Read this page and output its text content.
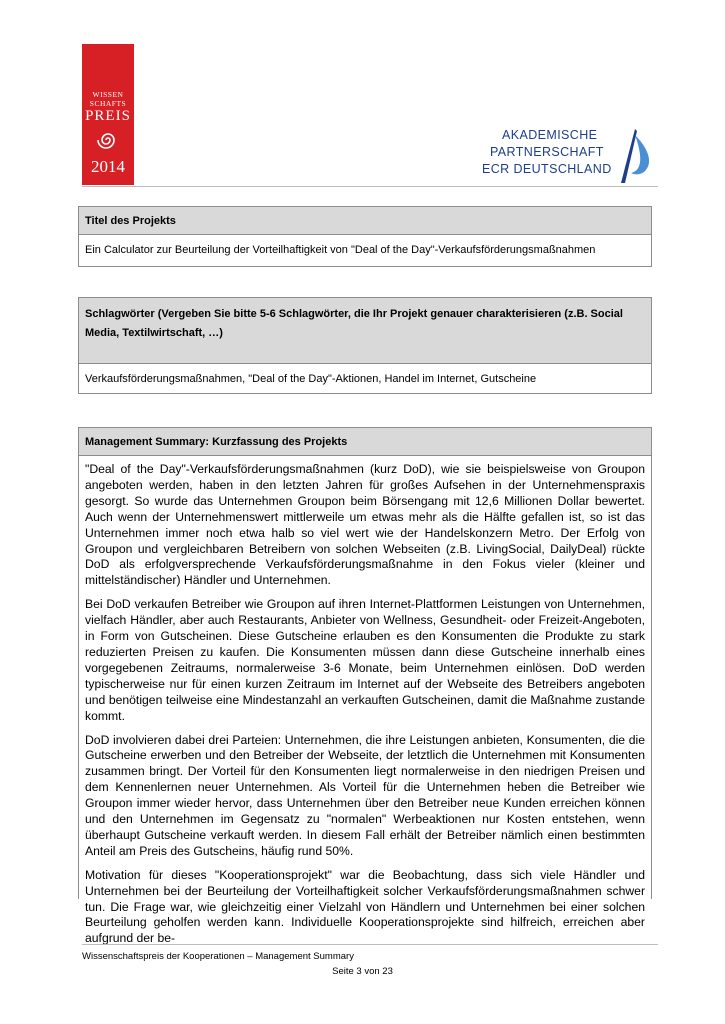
WISSEN
SCHAFTS
PREIS
2014
AKADEMISCHE
PARTNERSCHAFT
ECR DEUTSCHLAND
Titel des Projekts
Ein Calculator zur Beurteilung der Vorteilhaftigkeit von "Deal of the Day"-Verkaufsförderungsmaßnahmen
Schlagwörter (Vergeben Sie bitte 5-6 Schlagwörter, die Ihr Projekt genauer charakterisieren (z.B. Social
Media, Textilwirtschaft, …)
Verkaufsförderungsmaßnahmen, "Deal of the Day"-Aktionen, Handel im Internet, Gutscheine
Management Summary: Kurzfassung des Projekts

"Deal of the Day"-Verkaufsförderungsmaßnahmen (kurz DoD), wie sie beispielsweise von Groupon angeboten werden, haben in den letzten Jahren für großes Aufsehen in der Unternehmenspraxis gesorgt. So wurde das Unternehmen Groupon beim Börsengang mit 12,6 Millionen Dollar bewertet. Auch wenn der Unternehmenswert mittlerweile um etwas mehr als die Hälfte gefallen ist, so ist das Unternehmen immer noch etwa halb so viel wert wie der Handelskonzern Metro. Der Erfolg von Groupon und vergleichbaren Betreibern von solchen Webseiten (z.B. LivingSocial, DailyDeal) rückte DoD als erfolgversprechende Verkaufsförderungsmaßnahme in den Fokus vieler (kleiner und mittelständischer) Händler und Unternehmen.

Bei DoD verkaufen Betreiber wie Groupon auf ihren Internet-Plattformen Leistungen von Unternehmen, vielfach Händler, aber auch Restaurants, Anbieter von Wellness, Gesundheit- oder Freizeit-Angeboten, in Form von Gutscheinen. Diese Gutscheine erlauben es den Konsumenten die Produkte zu stark reduzierten Preisen zu kaufen. Die Konsumenten müssen dann diese Gutscheine innerhalb eines vorgegebenen Zeitraums, normalerweise 3-6 Monate, beim Unternehmen einlösen. DoD werden typischerweise nur für einen kurzen Zeitraum im Internet auf der Webseite des Betreibers angeboten und benötigen teilweise eine Mindestanzahl an verkauften Gutscheinen, damit die Maßnahme zustande kommt.

DoD involvieren dabei drei Parteien: Unternehmen, die ihre Leistungen anbieten, Konsumenten, die die Gutscheine erwerben und den Betreiber der Webseite, der letztlich die Unternehmen mit Konsumenten zusammen bringt. Der Vorteil für den Konsumenten liegt normalerweise in den niedrigen Preisen und dem Kennenlernen neuer Unternehmen. Als Vorteil für die Unternehmen heben die Betreiber wie Groupon immer wieder hervor, dass Unternehmen über den Betreiber neue Kunden erreichen können und den Unternehmen im Gegensatz zu "normalen" Werbeaktionen nur Kosten entstehen, wenn überhaupt Gutscheine verkauft werden. In diesem Fall erhält der Betreiber nämlich einen bestimmten Anteil am Preis des Gutscheins, häufig rund 50%.

Motivation für dieses "Kooperationsprojekt" war die Beobachtung, dass sich viele Händler und Unternehmen bei der Beurteilung der Vorteilhaftigkeit solcher Verkaufsförderungsmaßnahmen schwer tun. Die Frage war, wie gleichzeitig einer Vielzahl von Händlern und Unternehmen bei einer solchen Beurteilung geholfen werden kann. Individuelle Kooperationsprojekte sind hilfreich, erreichen aber aufgrund der be-

Wissenschaftspreis der Kooperationen – Management Summary
Seite 3 von 23
